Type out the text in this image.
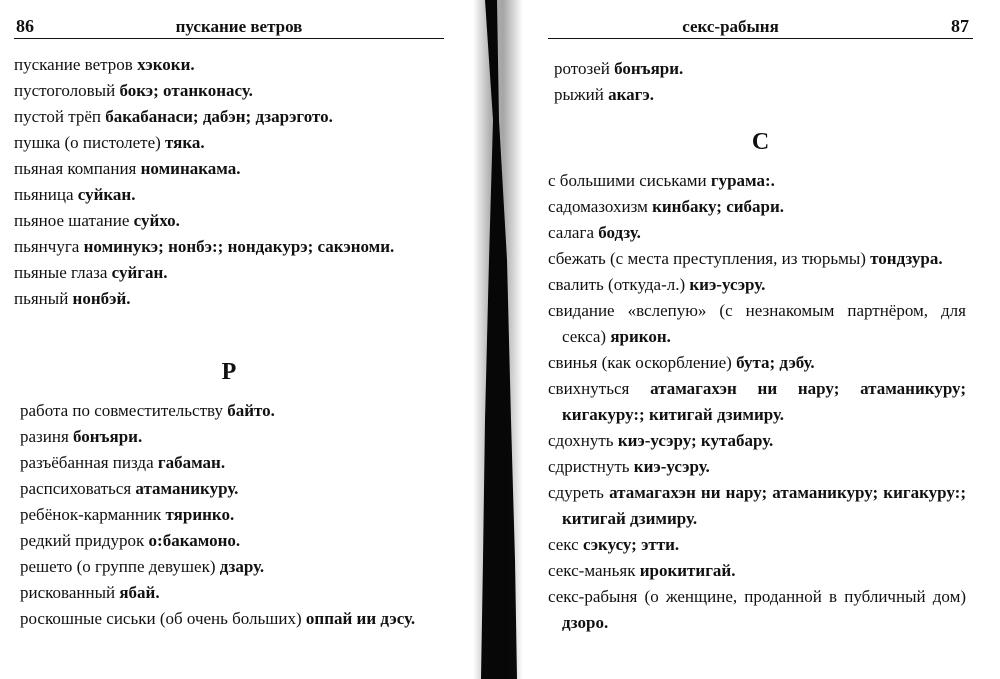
86	пускание ветров
пускание ветров хэкоки.
пустоголовый бокэ; отанконасу.
пустой трёп бакабанаси; дабэн; дзарэгото.
пушка (о пистолете) тяка.
пьяная компания номинакама.
пьяница суйкан.
пьяное шатание суйхо.
пьянчуга номинукэ; нонбэ:; нондакурэ; сакэноми.
пьяные глаза суйган.
пьяный нонбэй.
Р
работа по совместительству байто.
разиня бонъяри.
разъёбанная пизда габаман.
распсиховаться атаманикуру.
ребёнок-карманник тяринко.
редкий придурок о:бакамоно.
решето (о группе девушек) дзару.
рискованный ябай.
роскошные сиськи (об очень больших) оппай ии дэсу.
секс-рабыня	87
ротозей бонъяри.
рыжий акагэ.
С
с большими сиськами гурама:.
садомазохизм кинбаку; сибари.
салага бодзу.
сбежать (с места преступления, из тюрьмы) тондзура.
свалить (откуда-л.) киэ-усэру.
свидание «вслепую» (с незнакомым партнёром, для секса) ярикон.
свинья (как оскорбление) бута; дэбу.
свихнуться атамагахэн ни нару; атаманикуру; кигакуру:; китигай дзимиру.
сдохнуть киэ-усэру; кутабару.
сдристнуть киэ-усэру.
сдуреть атамагахэн ни нару; атаманикуру; кигакуру:; китигай дзимиру.
секс сэкусу; этти.
секс-маньяк ирокитигай.
секс-рабыня (о женщине, проданной в публичный дом) дзоро.
